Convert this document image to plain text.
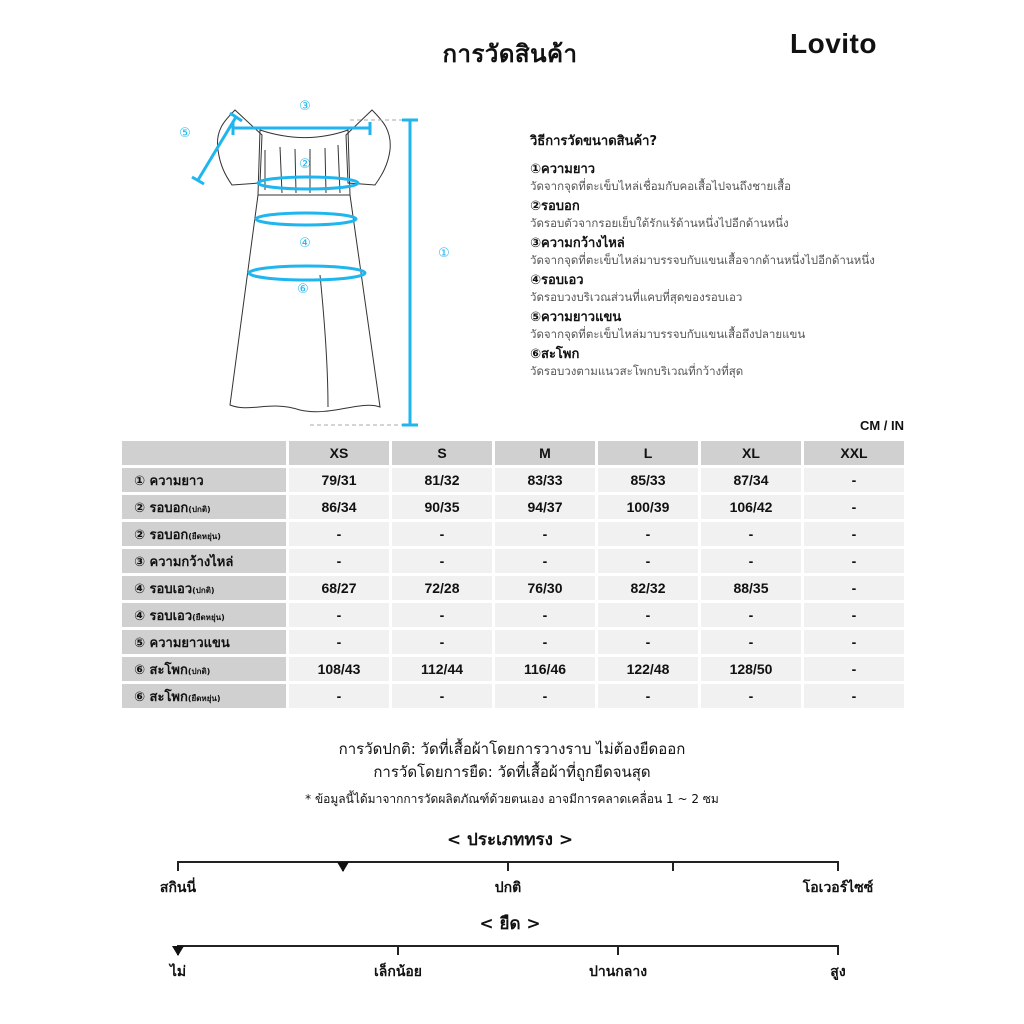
การวัดสินค้า	Lovito
③
⑤
②
④
⑥
①
วิธีการวัดขนาดสินค้า?
①ความยาว
วัดจากจุดที่ตะเข็บไหล่เชื่อมกับคอเสื้อไปจนถึงชายเสื้อ
②รอบอก
วัดรอบตัวจากรอยเย็บใต้รักแร้ด้านหนึ่งไปอีกด้านหนึ่ง
③ความกว้างไหล่
วัดจากจุดที่ตะเข็บไหล่มาบรรจบกับแขนเสื้อจากด้านหนึ่งไปอีกด้านหนึ่ง
④รอบเอว
วัดรอบวงบริเวณส่วนที่แคบที่สุดของรอบเอว
⑤ความยาวแขน
วัดจากจุดที่ตะเข็บไหล่มาบรรจบกับแขนเสื้อถึงปลายแขน
⑥สะโพก
วัดรอบวงตามแนวสะโพกบริเวณที่กว้างที่สุด
CM / IN
	XS	S	M	L	XL	XXL
① ความยาว	79/31	81/32	83/33	85/33	87/34	-
② รอบอก(ปกติ)	86/34	90/35	94/37	100/39	106/42	-
② รอบอก(ยืดหยุ่น)	-	-	-	-	-	-
③ ความกว้างไหล่	-	-	-	-	-	-
④ รอบเอว(ปกติ)	68/27	72/28	76/30	82/32	88/35	-
④ รอบเอว(ยืดหยุ่น)	-	-	-	-	-	-
⑤ ความยาวแขน	-	-	-	-	-	-
⑥ สะโพก(ปกติ)	108/43	112/44	116/46	122/48	128/50	-
⑥ สะโพก(ยืดหยุ่น)	-	-	-	-	-	-
การวัดปกติ: วัดที่เสื้อผ้าโดยการวางราบ ไม่ต้องยืดออก
การวัดโดยการยืด: วัดที่เสื้อผ้าที่ถูกยืดจนสุด
* ข้อมูลนี้ได้มาจากการวัดผลิตภัณฑ์ด้วยตนเอง อาจมีการคลาดเคลื่อน 1 ~ 2 ซม
< ประเภททรง >
สกินนี่	ปกติ	โอเวอร์ไซซ์
< ยืด >
ไม่	เล็กน้อย	ปานกลาง	สูง
